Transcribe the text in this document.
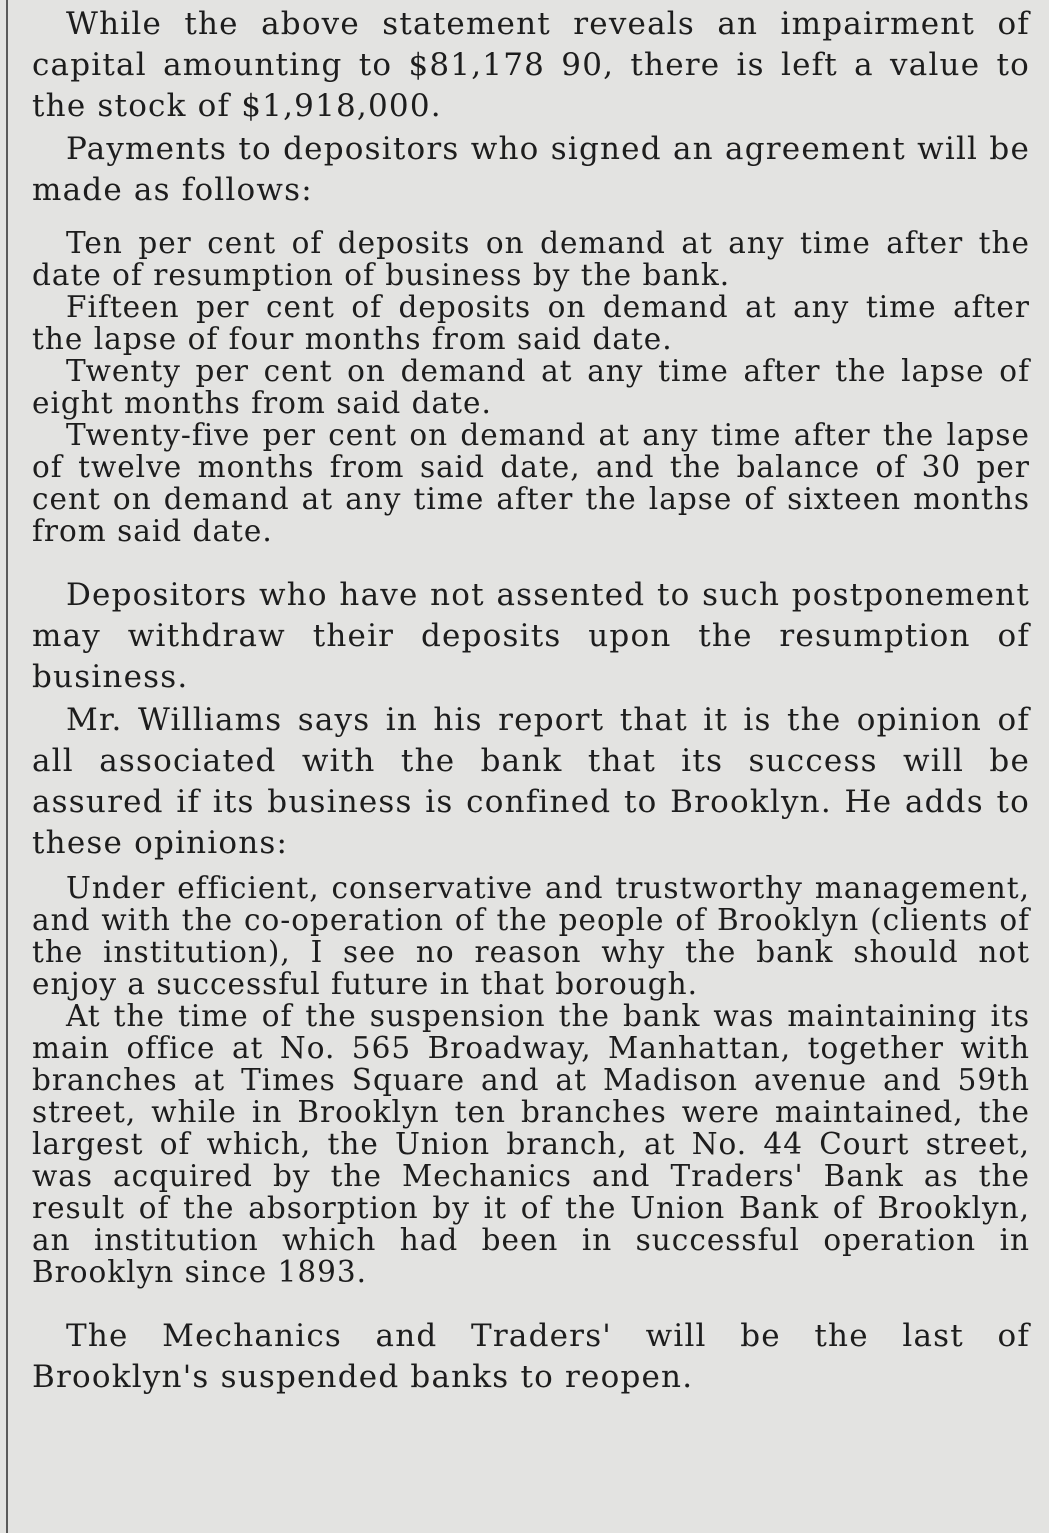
While the above statement reveals an impairment of capital amounting to $81,178 90, there is left a value to the stock of $1,918,000.

Payments to depositors who signed an agreement will be made as follows:

Ten per cent of deposits on demand at any time after the date of resumption of business by the bank.

Fifteen per cent of deposits on demand at any time after the lapse of four months from said date.

Twenty per cent on demand at any time after the lapse of eight months from said date.

Twenty-five per cent on demand at any time after the lapse of twelve months from said date, and the balance of 30 per cent on demand at any time after the lapse of sixteen months from said date.

Depositors who have not assented to such postponement may withdraw their deposits upon the resumption of business.

Mr. Williams says in his report that it is the opinion of all associated with the bank that its success will be assured if its business is confined to Brooklyn. He adds to these opinions:

Under efficient, conservative and trustworthy management, and with the co-operation of the people of Brooklyn (clients of the institution), I see no reason why the bank should not enjoy a successful future in that borough.

At the time of the suspension the bank was maintaining its main office at No. 565 Broadway, Manhattan, together with branches at Times Square and at Madison avenue and 59th street, while in Brooklyn ten branches were maintained, the largest of which, the Union branch, at No. 44 Court street, was acquired by the Mechanics and Traders' Bank as the result of the absorption by it of the Union Bank of Brooklyn, an institution which had been in successful operation in Brooklyn since 1893.

The Mechanics and Traders' will be the last of Brooklyn's suspended banks to reopen.
